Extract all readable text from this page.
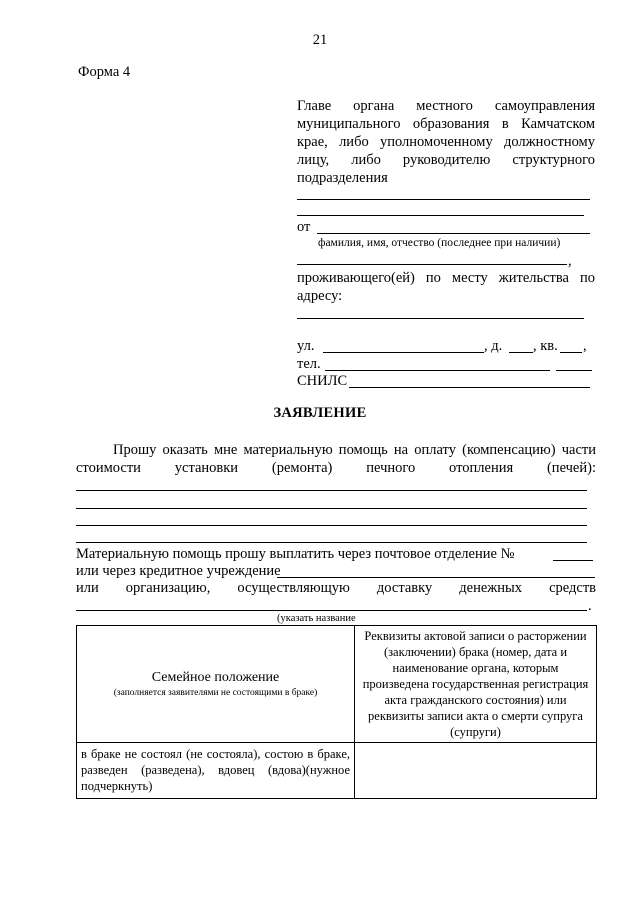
21
Форма 4
Главе органа местного самоуправления
муниципального образования в Камчатском
крае, либо уполномоченному должностному
лицу, либо руководителю структурного
подразделения
от
фамилия, имя, отчество (последнее при наличии)
,
проживающего(ей) по месту жительства по
адресу:
ул.	, д. , кв. ,
тел.
СНИЛС
ЗАЯВЛЕНИЕ
Прошу оказать мне материальную помощь на оплату (компенсацию) части
стоимости установки (ремонта) печного отопления (печей):
Материальную помощь прошу выплатить через почтовое отделение №
или через кредитное учреждение
или организацию, осуществляющую доставку денежных средств
.
(указать название
Семейное положение
(заполняется заявителями не состоящими в браке)	Реквизиты актовой записи о расторжении (заключении) брака (номер, дата и наименование органа, которым произведена государственная регистрация акта гражданского состояния) или реквизиты записи акта о смерти супруга (супруги)
в браке не состоял (не состояла), состою в браке, разведен (разведена), вдовец (вдова)(нужное подчеркнуть)	
